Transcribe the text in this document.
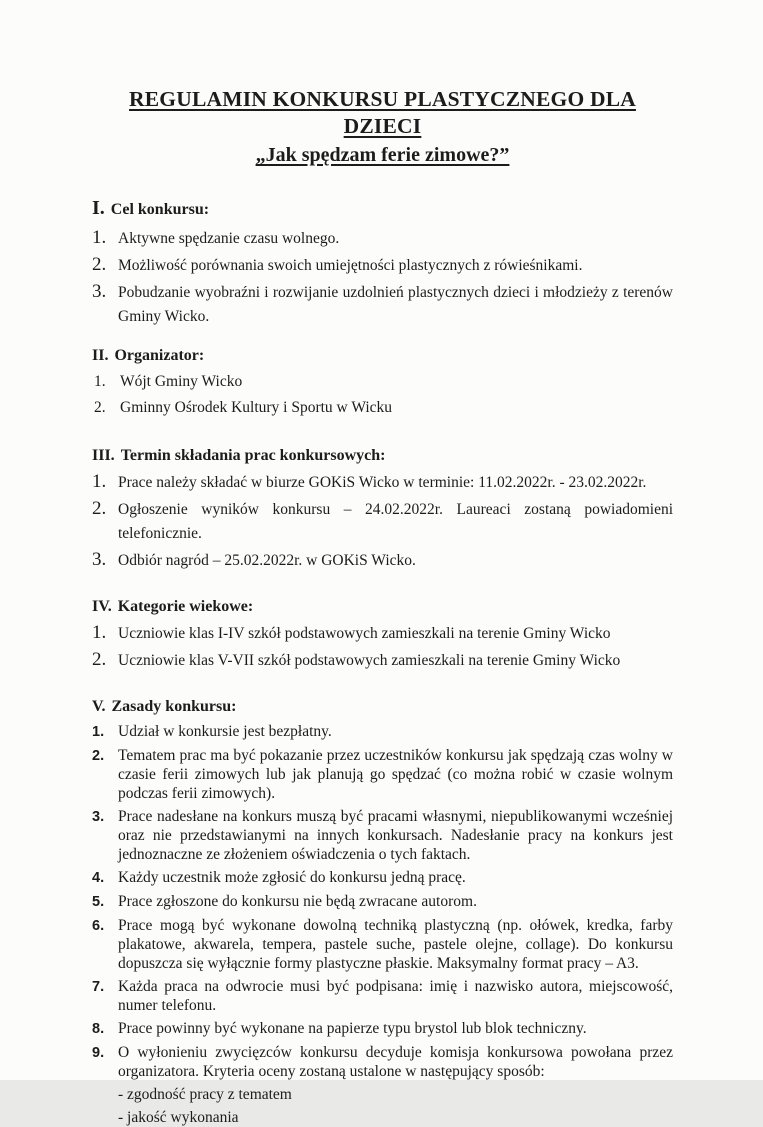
REGULAMIN KONKURSU PLASTYCZNEGO DLA DZIECI
„Jak spędzam ferie zimowe?”
I. Cel konkursu:
1. Aktywne spędzanie czasu wolnego.
2. Możliwość porównania swoich umiejętności plastycznych z rówieśnikami.
3. Pobudzanie wyobraźni i rozwijanie uzdolnień plastycznych dzieci i młodzieży z terenów Gminy Wicko.
II. Organizator:
1. Wójt Gminy Wicko
2. Gminny Ośrodek Kultury i Sportu w Wicku
III. Termin składania prac konkursowych:
1. Prace należy składać w biurze GOKiS Wicko w terminie: 11.02.2022r. - 23.02.2022r.
2. Ogłoszenie wyników konkursu – 24.02.2022r. Laureaci zostaną powiadomieni telefonicznie.
3. Odbiór nagród – 25.02.2022r. w GOKiS Wicko.
IV. Kategorie wiekowe:
1. Uczniowie klas I-IV szkół podstawowych zamieszkali na terenie Gminy Wicko
2. Uczniowie klas V-VII szkół podstawowych zamieszkali na terenie Gminy Wicko
V. Zasady konkursu:
1. Udział w konkursie jest bezpłatny.
2. Tematem prac ma być pokazanie przez uczestników konkursu jak spędzają czas wolny w czasie ferii zimowych lub jak planują go spędzać (co można robić w czasie wolnym podczas ferii zimowych).
3. Prace nadesłane na konkurs muszą być pracami własnymi, niepublikowanymi wcześniej oraz nie przedstawianymi na innych konkursach. Nadesłanie pracy na konkurs jest jednoznaczne ze złożeniem oświadczenia o tych faktach.
4. Każdy uczestnik może zgłosić do konkursu jedną pracę.
5. Prace zgłoszone do konkursu nie będą zwracane autorom.
6. Prace mogą być wykonane dowolną techniką plastyczną (np. ołówek, kredka, farby plakatowe, akwarela, tempera, pastele suche, pastele olejne, collage). Do konkursu dopuszcza się wyłącznie formy plastyczne płaskie. Maksymalny format pracy – A3.
7. Każda praca na odwrocie musi być podpisana: imię i nazwisko autora, miejscowość, numer telefonu.
8. Prace powinny być wykonane na papierze typu brystol lub blok techniczny.
9. O wyłonieniu zwycięzców konkursu decyduje komisja konkursowa powołana przez organizatora. Kryteria oceny zostaną ustalone w następujący sposób:
- zgodność pracy z tematem
- jakość wykonania
